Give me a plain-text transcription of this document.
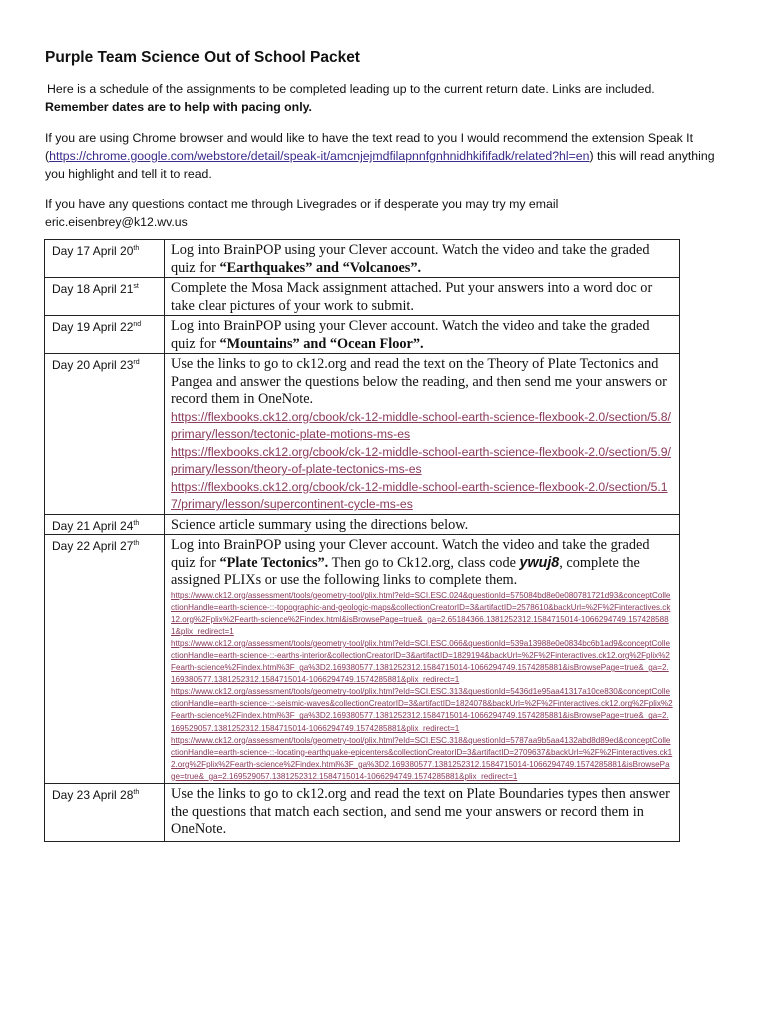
Purple Team Science Out of School Packet
Here is a schedule of the assignments to be completed leading up to the current return date. Links are included.
Remember dates are to help with pacing only.
If you are using Chrome browser and would like to have the text read to you I would recommend the extension Speak It (https://chrome.google.com/webstore/detail/speak-it/amcnjejmdfilapnnfgnhnidhkififadk/related?hl=en) this will read anything you highlight and tell it to read.
If you have any questions contact me through Livegrades or if desperate you may try my email
eric.eisenbrey@k12.wv.us
Day 17 April 20th	Log into BrainPOP using your Clever account. Watch the video and take the graded quiz for “Earthquakes” and “Volcanoes”.
Day 18 April 21st	Complete the Mosa Mack assignment attached. Put your answers into a word doc or take clear pictures of your work to submit.
Day 19 April 22nd	Log into BrainPOP using your Clever account. Watch the video and take the graded quiz for “Mountains” and “Ocean Floor”.
Day 20 April 23rd	Use the links to go to ck12.org and read the text on the Theory of Plate Tectonics and Pangea and answer the questions below the reading, and then send me your answers or record them in OneNote.
https://flexbooks.ck12.org/cbook/ck-12-middle-school-earth-science-flexbook-2.0/section/5.8/primary/lesson/tectonic-plate-motions-ms-es
https://flexbooks.ck12.org/cbook/ck-12-middle-school-earth-science-flexbook-2.0/section/5.9/primary/lesson/theory-of-plate-tectonics-ms-es
https://flexbooks.ck12.org/cbook/ck-12-middle-school-earth-science-flexbook-2.0/section/5.17/primary/lesson/supercontinent-cycle-ms-es

Day 21 April 24th	Science article summary using the directions below.
Day 22 April 27th	Log into BrainPOP using your Clever account. Watch the video and take the graded quiz for “Plate Tectonics”. Then go to Ck12.org, class code ywuj8, complete the assigned PLIXs or use the following links to complete them.
https://www.ck12.org/assessment/tools/geometry-tool/plix.html?eId=SCI.ESC.024&questionId=575084bd8e0e080781721d93&conceptCollectionHandle=earth-science-::-topographic-and-geologic-maps&collectionCreatorID=3&artifactID=2578610&backUrl=%2F%2Finteractives.ck12.org%2Fplix%2Fearth-science%2Findex.html&isBrowsePage=true&_ga=2.65184366.1381252312.1584715014-1066294749.1574285881&plix_redirect=1
https://www.ck12.org/assessment/tools/geometry-tool/plix.html?eId=SCI.ESC.066&questionId=539a13988e0e0834bc6b1ad9&conceptCollectionHandle=earth-science-::-earths-interior&collectionCreatorID=3&artifactID=1829194&backUrl=%2F%2Finteractives.ck12.org%2Fplix%2Fearth-science%2Findex.html%3F_ga%3D2.169380577.1381252312.1584715014-1066294749.1574285881&isBrowsePage=true&_ga=2.169380577.1381252312.1584715014-1066294749.1574285881&plix_redirect=1
https://www.ck12.org/assessment/tools/geometry-tool/plix.html?eId=SCI.ESC.313&questionId=5436d1e95aa41317a10ce830&conceptCollectionHandle=earth-science-::-seismic-waves&collectionCreatorID=3&artifactID=1824078&backUrl=%2F%2Finteractives.ck12.org%2Fplix%2Fearth-science%2Findex.html%3F_ga%3D2.169380577.1381252312.1584715014-1066294749.1574285881&isBrowsePage=true&_ga=2.169529057.1381252312.1584715014-1066294749.1574285881&plix_redirect=1
https://www.ck12.org/assessment/tools/geometry-tool/plix.html?eId=SCI.ESC.318&questionId=5787aa9b5aa4132abd8d89ed&conceptCollectionHandle=earth-science-::-locating-earthquake-epicenters&collectionCreatorID=3&artifactID=2709637&backUrl=%2F%2Finteractives.ck12.org%2Fplix%2Fearth-science%2Findex.html%3F_ga%3D2.169380577.1381252312.1584715014-1066294749.1574285881&isBrowsePage=true&_ga=2.169529057.1381252312.1584715014-1066294749.1574285881&plix_redirect=1

Day 23 April 28th	Use the links to go to ck12.org and read the text on Plate Boundaries types then answer the questions that match each section, and send me your answers or record them in OneNote.
